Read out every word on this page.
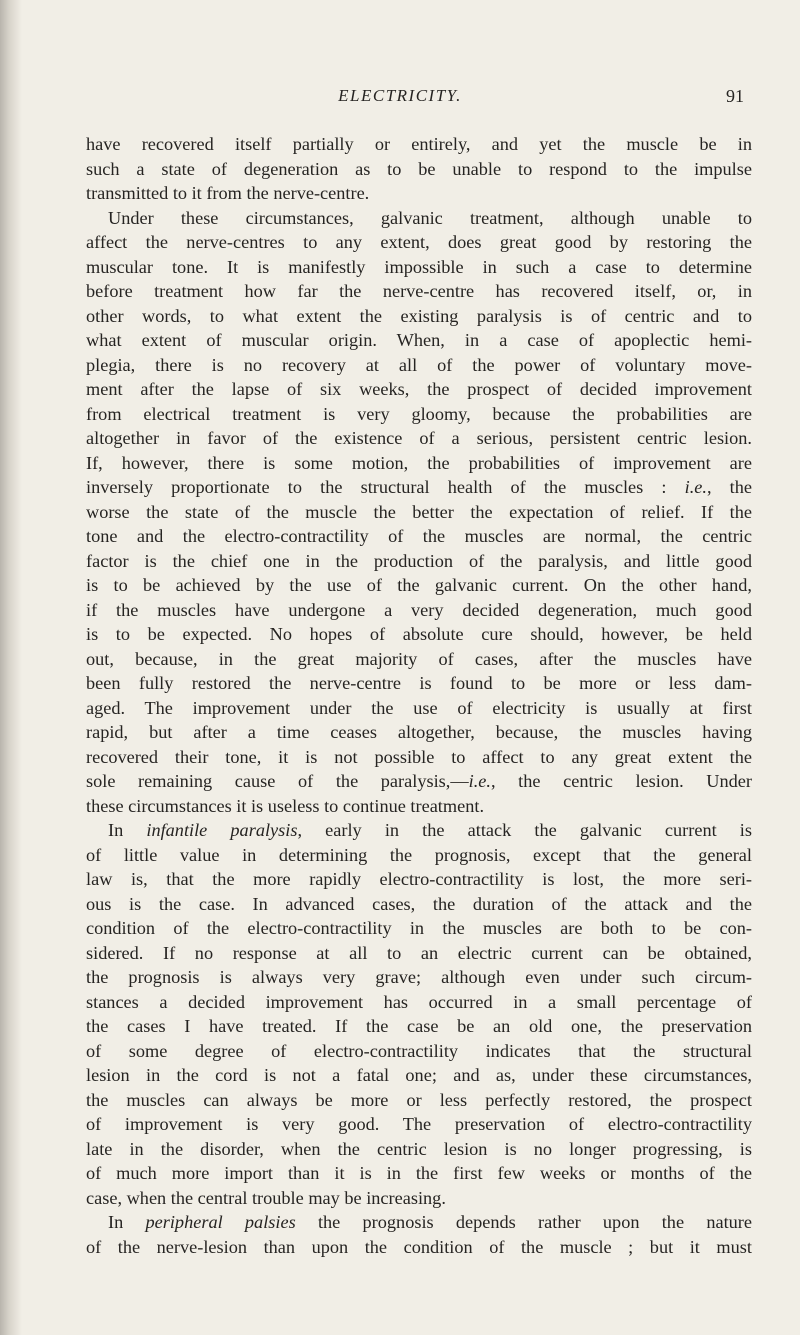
ELECTRICITY.	91
have recovered itself partially or entirely, and yet the muscle be in
such a state of degeneration as to be unable to respond to the impulse
transmitted to it from the nerve-centre.
Under these circumstances, galvanic treatment, although unable to
affect the nerve-centres to any extent, does great good by restoring the
muscular tone. It is manifestly impossible in such a case to determine
before treatment how far the nerve-centre has recovered itself, or, in
other words, to what extent the existing paralysis is of centric and to
what extent of muscular origin. When, in a case of apoplectic hemi-
plegia, there is no recovery at all of the power of voluntary move-
ment after the lapse of six weeks, the prospect of decided improvement
from electrical treatment is very gloomy, because the probabilities are
altogether in favor of the existence of a serious, persistent centric lesion.
If, however, there is some motion, the probabilities of improvement are
inversely proportionate to the structural health of the muscles : i.e., the
worse the state of the muscle the better the expectation of relief. If the
tone and the electro-contractility of the muscles are normal, the centric
factor is the chief one in the production of the paralysis, and little good
is to be achieved by the use of the galvanic current. On the other hand,
if the muscles have undergone a very decided degeneration, much good
is to be expected. No hopes of absolute cure should, however, be held
out, because, in the great majority of cases, after the muscles have
been fully restored the nerve-centre is found to be more or less dam-
aged. The improvement under the use of electricity is usually at first
rapid, but after a time ceases altogether, because, the muscles having
recovered their tone, it is not possible to affect to any great extent the
sole remaining cause of the paralysis,—i.e., the centric lesion. Under
these circumstances it is useless to continue treatment.
In infantile paralysis, early in the attack the galvanic current is
of little value in determining the prognosis, except that the general
law is, that the more rapidly electro-contractility is lost, the more seri-
ous is the case. In advanced cases, the duration of the attack and the
condition of the electro-contractility in the muscles are both to be con-
sidered. If no response at all to an electric current can be obtained,
the prognosis is always very grave; although even under such circum-
stances a decided improvement has occurred in a small percentage of
the cases I have treated. If the case be an old one, the preservation
of some degree of electro-contractility indicates that the structural
lesion in the cord is not a fatal one; and as, under these circumstances,
the muscles can always be more or less perfectly restored, the prospect
of improvement is very good. The preservation of electro-contractility
late in the disorder, when the centric lesion is no longer progressing, is
of much more import than it is in the first few weeks or months of the
case, when the central trouble may be increasing.
In peripheral palsies the prognosis depends rather upon the nature
of the nerve-lesion than upon the condition of the muscle ; but it must
